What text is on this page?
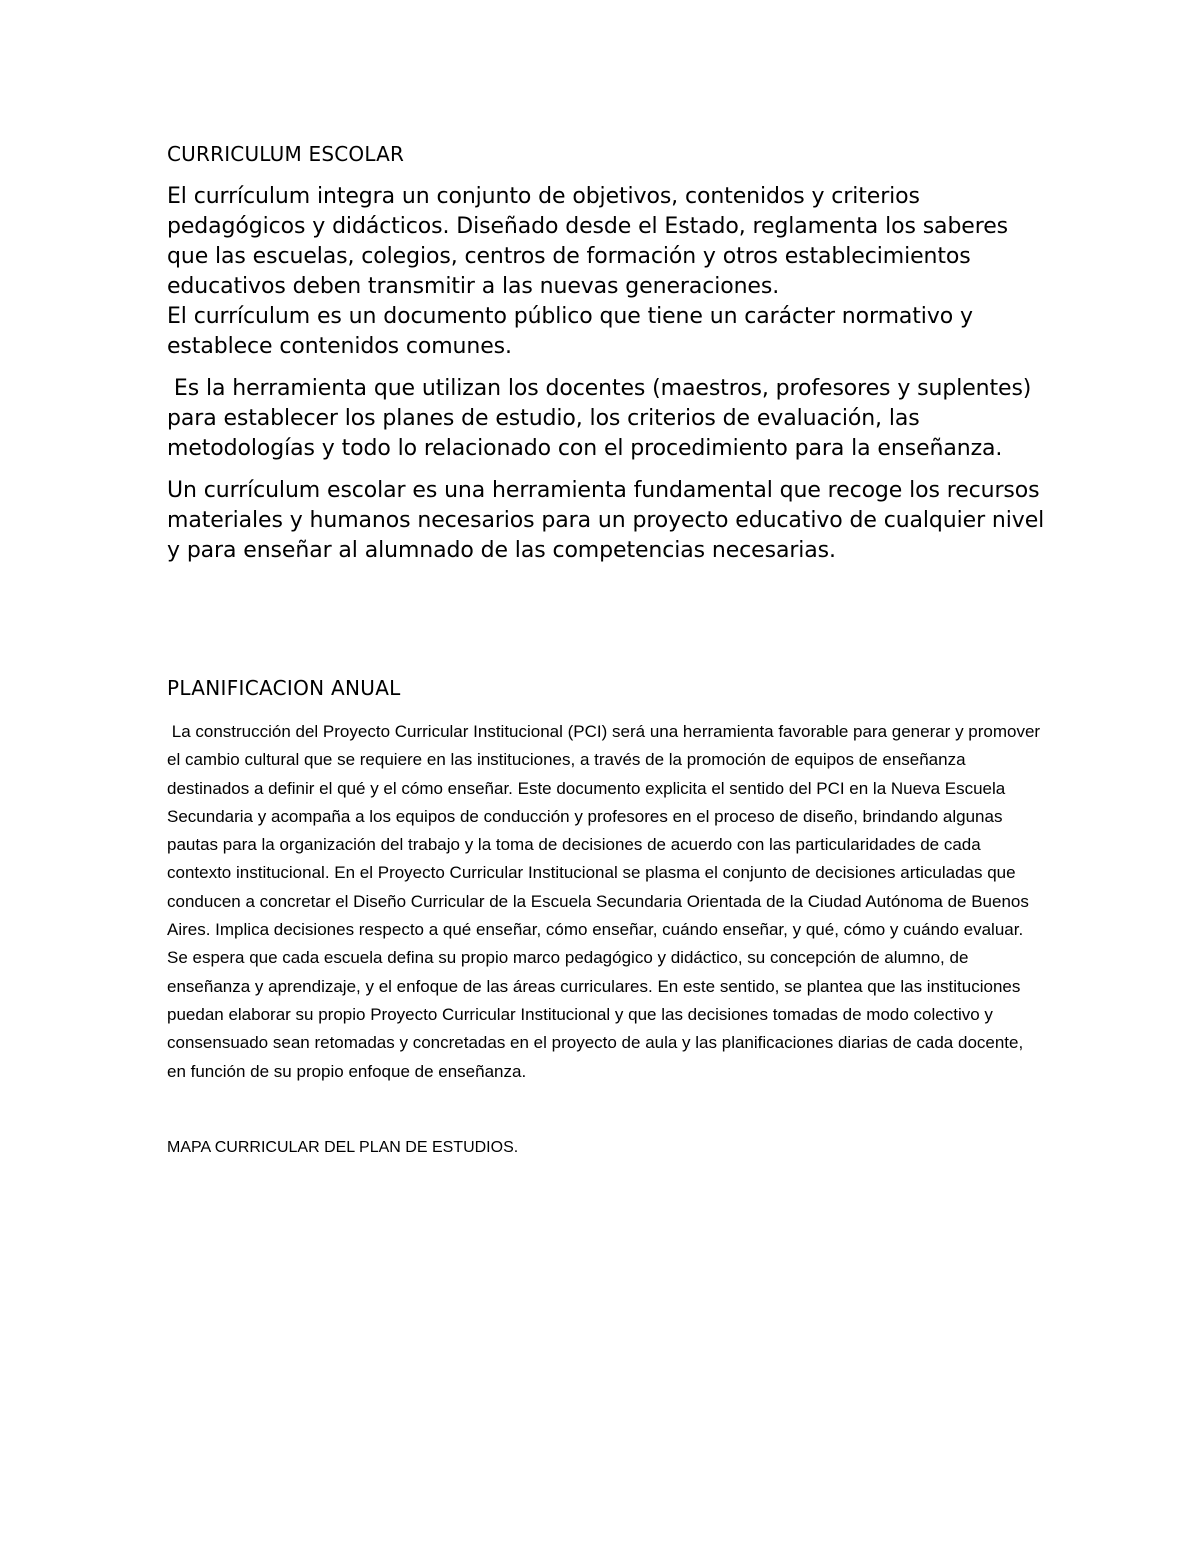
CURRICULUM ESCOLAR

El currículum integra un conjunto de objetivos, contenidos y criterios pedagógicos y didácticos. Diseñado desde el Estado, reglamenta los saberes que las escuelas, colegios, centros de formación y otros establecimientos educativos deben transmitir a las nuevas generaciones.

El currículum es un documento público que tiene un carácter normativo y establece contenidos comunes.

Es la herramienta que utilizan los docentes (maestros, profesores y suplentes) para establecer los planes de estudio, los criterios de evaluación, las metodologías y todo lo relacionado con el procedimiento para la enseñanza.

Un currículum escolar es una herramienta fundamental que recoge los recursos materiales y humanos necesarios para un proyecto educativo de cualquier nivel y para enseñar al alumnado de las competencias necesarias.

PLANIFICACION ANUAL

La construcción del Proyecto Curricular Institucional (PCI) será una herramienta favorable para generar y promover el cambio cultural que se requiere en las instituciones, a través de la promoción de equipos de enseñanza destinados a definir el qué y el cómo enseñar. Este documento explicita el sentido del PCI en la Nueva Escuela Secundaria y acompaña a los equipos de conducción y profesores en el proceso de diseño, brindando algunas pautas para la organización del trabajo y la toma de decisiones de acuerdo con las particularidades de cada contexto institucional. En el Proyecto Curricular Institucional se plasma el conjunto de decisiones articuladas que conducen a concretar el Diseño Curricular de la Escuela Secundaria Orientada de la Ciudad Autónoma de Buenos Aires. Implica decisiones respecto a qué enseñar, cómo enseñar, cuándo enseñar, y qué, cómo y cuándo evaluar. Se espera que cada escuela defina su propio marco pedagógico y didáctico, su concepción de alumno, de enseñanza y aprendizaje, y el enfoque de las áreas curriculares. En este sentido, se plantea que las instituciones puedan elaborar su propio Proyecto Curricular Institucional y que las decisiones tomadas de modo colectivo y consensuado sean retomadas y concretadas en el proyecto de aula y las planificaciones diarias de cada docente, en función de su propio enfoque de enseñanza.

MAPA CURRICULAR DEL PLAN DE ESTUDIOS.
